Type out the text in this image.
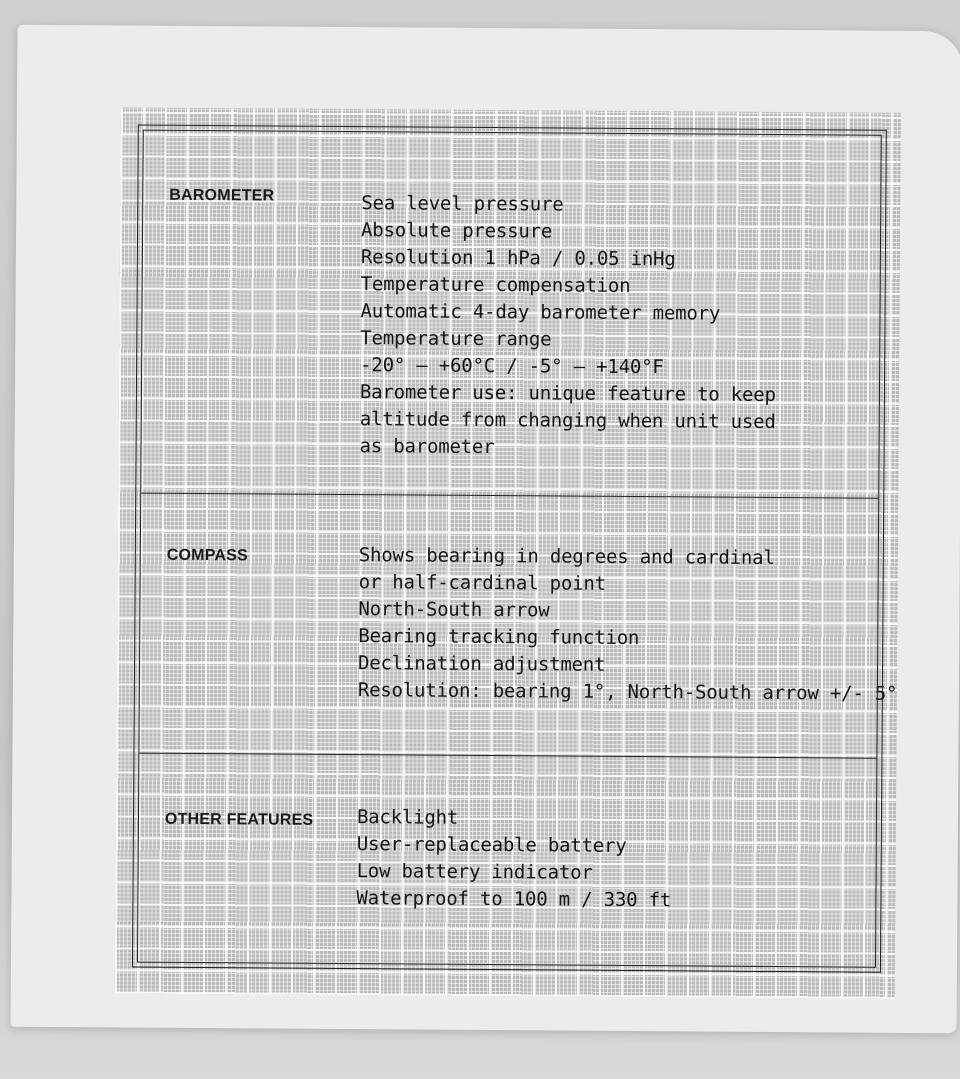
BAROMETER	Sea level pressure
Absolute pressure
Resolution 1 hPa / 0.05 inHg
Temperature compensation
Automatic 4-day barometer memory
Temperature range
-20° – +60°C / -5° – +140°F
Barometer use: unique feature to keep
altitude from changing when unit used
as barometer
COMPASS	Shows bearing in degrees and cardinal
or half-cardinal point
North-South arrow
Bearing tracking function
Declination adjustment
Resolution: bearing 1°, North-South arrow +/- 5°
OTHER FEATURES Backlight
User-replaceable battery
Low battery indicator
Waterproof to 100 m / 330 ft
